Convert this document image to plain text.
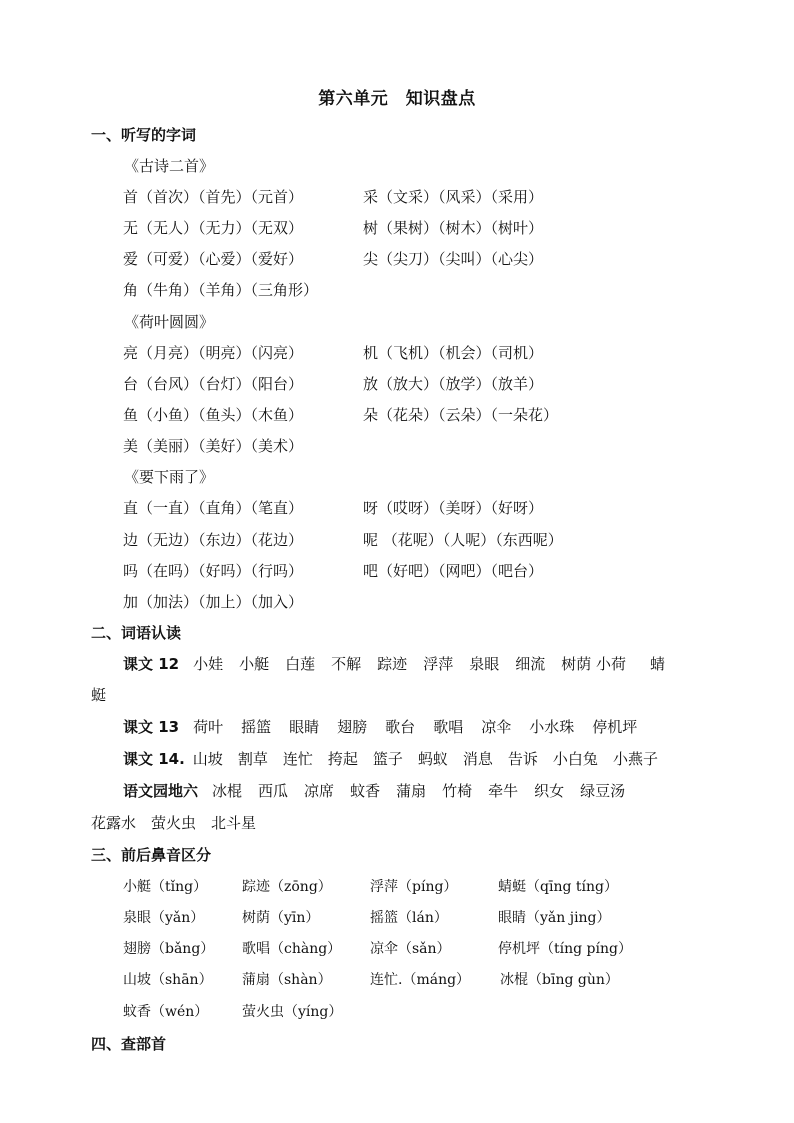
第六单元　知识盘点
一、听写的字词
《古诗二首》
首（首次）（首先）（元首）	采（文采）（风采）（采用）
无（无人）（无力）（无双）	树（果树）（树木）（树叶）
爱（可爱）（心爱）（爱好）	尖（尖刀）（尖叫）（心尖）
角（牛角）（羊角）（三角形）
《荷叶圆圆》
亮（月亮）（明亮）（闪亮）	机（飞机）（机会）（司机）
台（台风）（台灯）（阳台）	放（放大）（放学）（放羊）
鱼（小鱼）（鱼头）（木鱼）	朵（花朵）（云朵）（一朵花）
美（美丽）（美好）（美术）
《要下雨了》
直（一直）（直角）（笔直）	呀（哎呀）（美呀）（好呀）
边（无边）（东边）（花边）	呢 （花呢）（人呢）（东西呢）
吗（在吗）（好吗）（行吗）	吧（好吧）（网吧）（吧台）
加（加法）（加上）（加入）
二、词语认读
课文 12 小娃 小艇 白莲 不解 踪迹 浮萍 泉眼 细流 树荫 小荷 蜻
蜓
课文 13 荷叶 摇篮 眼睛 翅膀 歌台 歌唱 凉伞 小水珠 停机坪
课文 14. 山坡 割草 连忙 挎起 篮子 蚂蚁 消息 告诉 小白兔 小燕子
语文园地六 冰棍 西瓜 凉席 蚊香 蒲扇 竹椅 牵牛 织女 绿豆汤
花露水　萤火虫　北斗星
三、前后鼻音区分
小艇（tǐng） 踪迹（zōng）	浮萍（píng）	蜻蜓（qīng tíng）
泉眼（yǎn）	树荫（yīn）	摇篮（lán）	眼睛（yǎn jing）
翅膀（bǎng） 歌唱（chàng） 凉伞（sǎn）	停机坪（tíng píng）
山坡（shān） 蒲扇（shàn）	连忙.（máng） 冰棍（bīng gùn）
蚊香（wén） 萤火虫（yíng）
四、查部首
